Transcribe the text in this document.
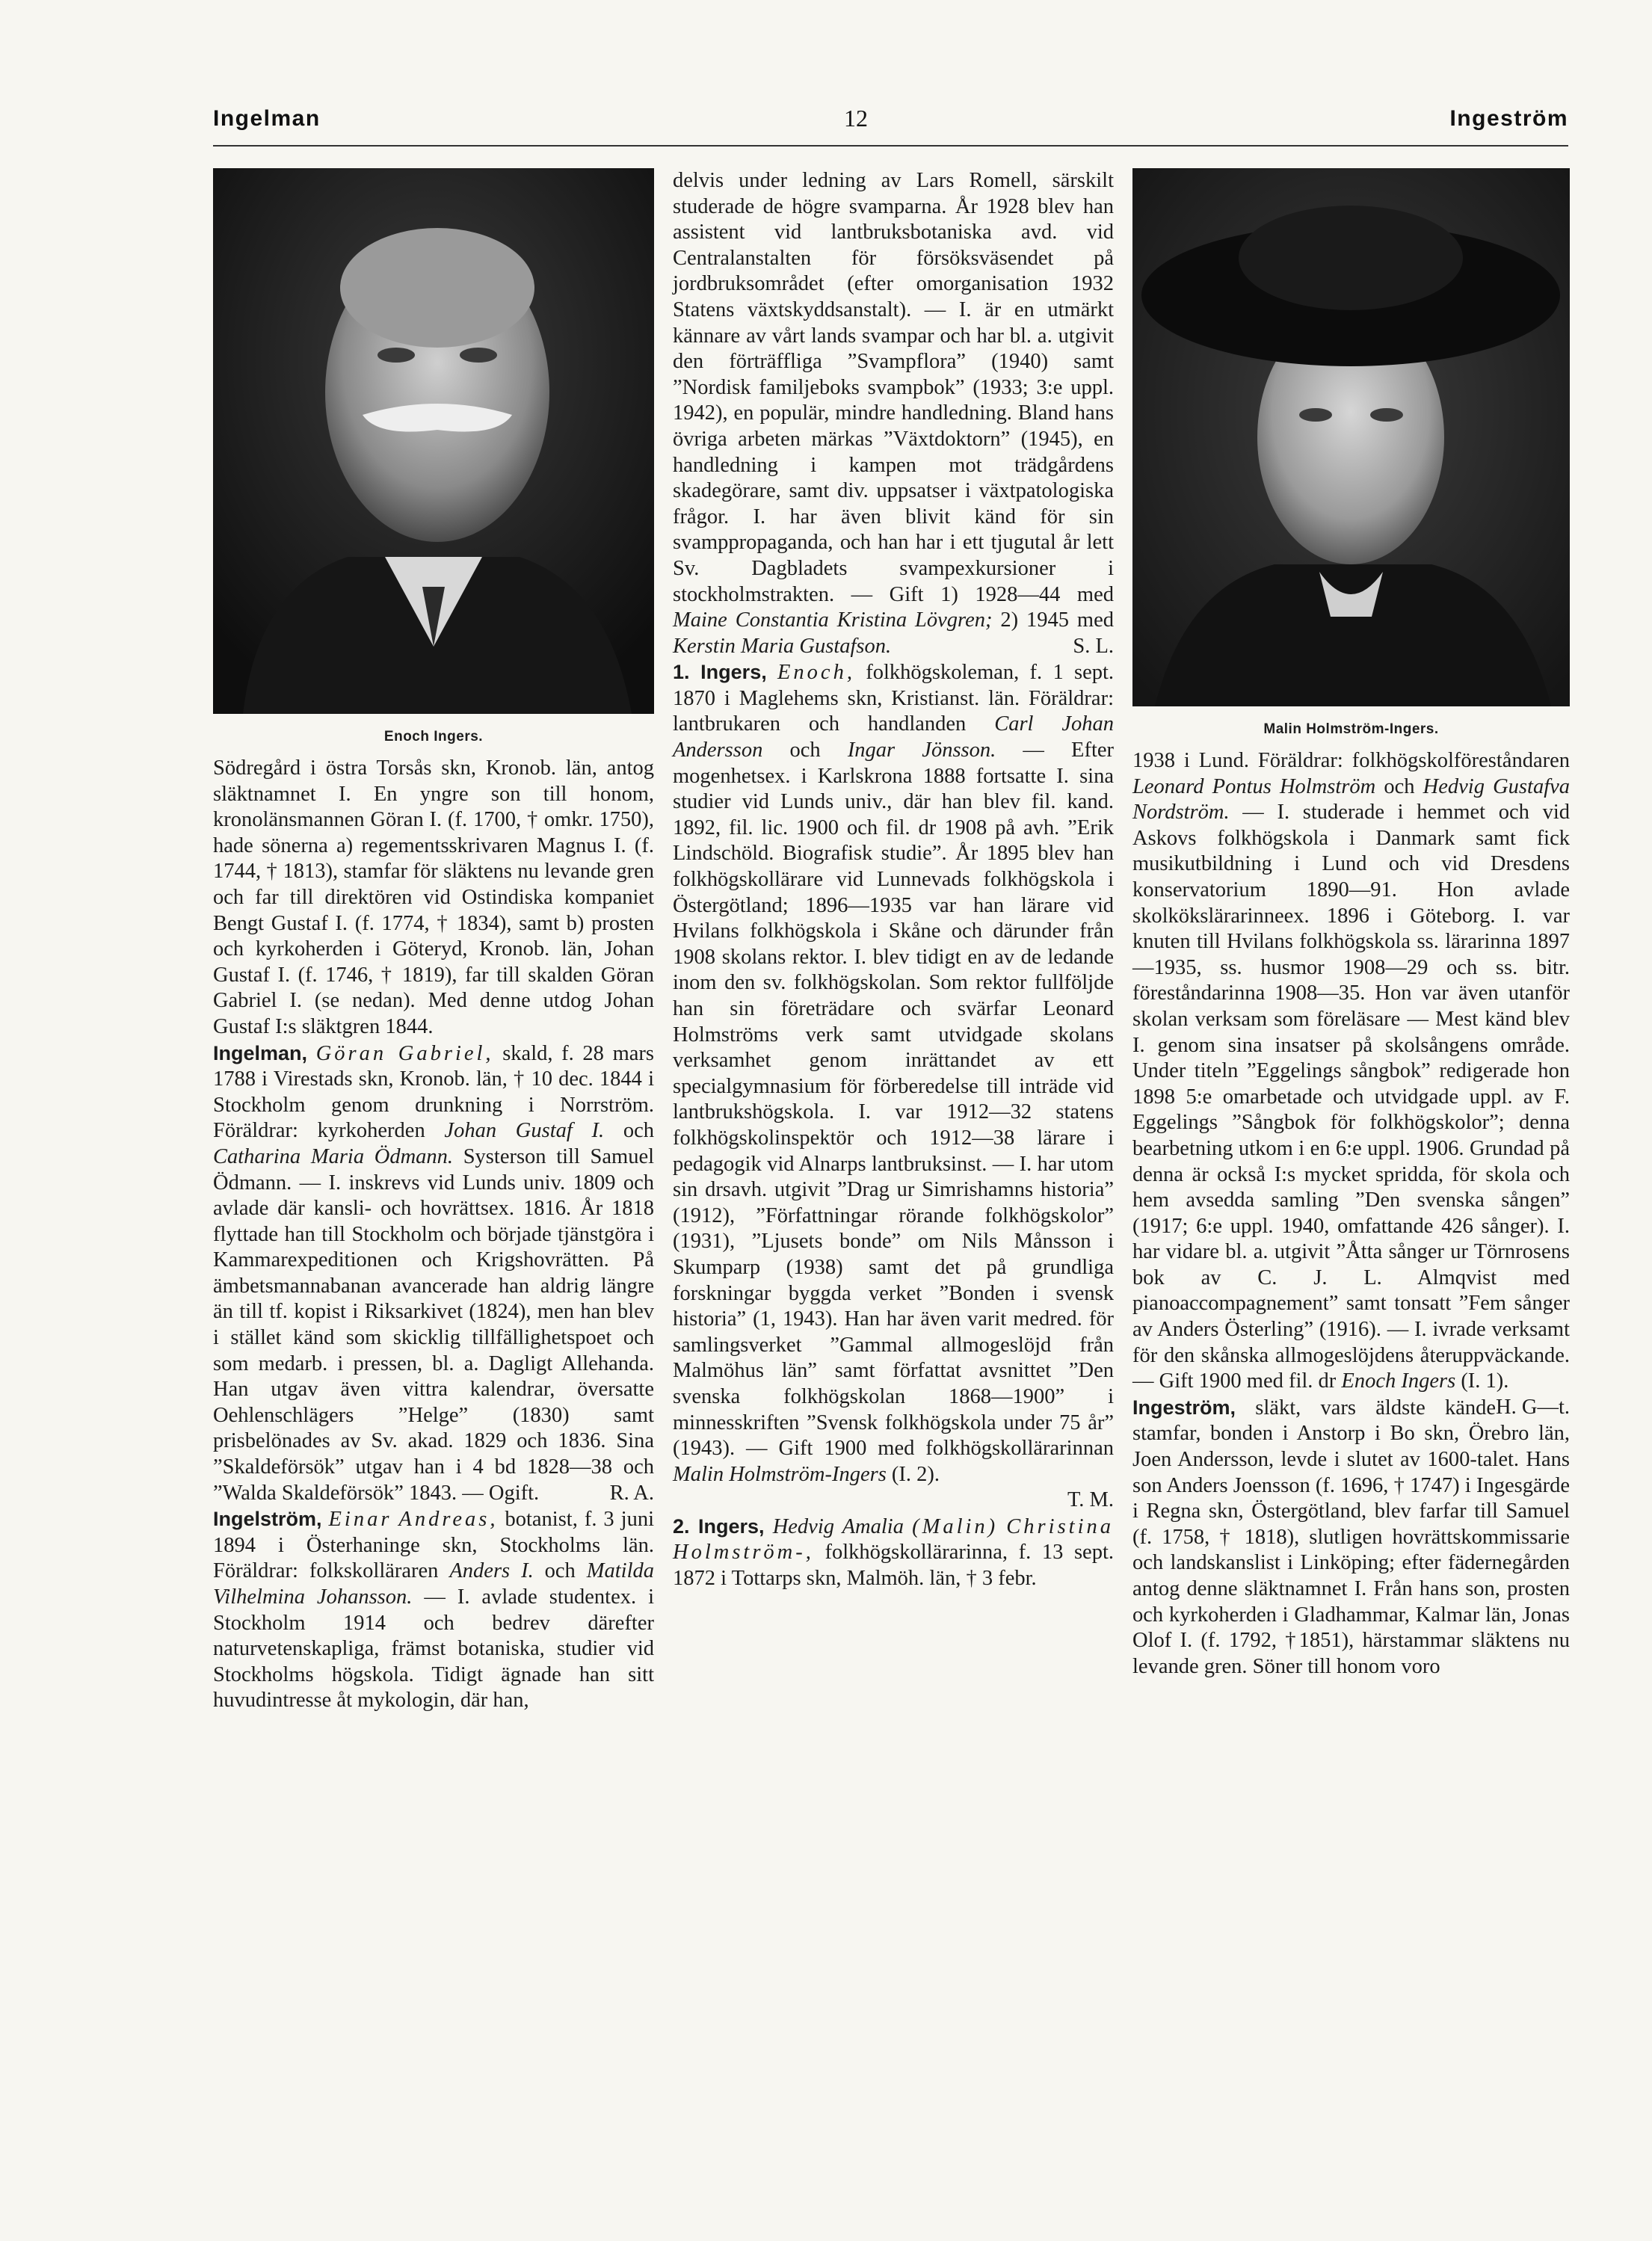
Ingelman	12	Ingeström
Enoch Ingers.

Södregård i östra Torsås skn, Kronob. län, antog släktnamnet I. En yngre son till honom, kronolänsmannen Göran I. (f. 1700, † omkr. 1750), hade sönerna a) regementsskrivaren Magnus I. (f. 1744, † 1813), stamfar för släktens nu levande gren och far till direktören vid Ostindiska kompaniet Bengt Gustaf I. (f. 1774, † 1834), samt b) prosten och kyrkoherden i Göteryd, Kronob. län, Johan Gustaf I. (f. 1746, † 1819), far till skalden Göran Gabriel I. (se nedan). Med denne utdog Johan Gustaf I:s släktgren 1844.

Ingelman, Göran Gabriel, skald, f. 28 mars 1788 i Virestads skn, Kronob. län, † 10 dec. 1844 i Stockholm genom drunkning i Norrström. Föräldrar: kyrkoherden Johan Gustaf I. och Catharina Maria Ödmann. Systerson till Samuel Ödmann. — I. inskrevs vid Lunds univ. 1809 och avlade där kansli- och hovrättsex. 1816. År 1818 flyttade han till Stockholm och började tjänstgöra i Kammarexpeditionen och Krigshovrätten. På ämbetsmannabanan avancerade han aldrig längre än till tf. kopist i Riksarkivet (1824), men han blev i stället känd som skicklig tillfällighetspoet och som medarb. i pressen, bl. a. Dagligt Allehanda. Han utgav även vittra kalendrar, översatte Oehlenschlägers ”Helge” (1830) samt prisbelönades av Sv. akad. 1829 och 1836. Sina ”Skaldeförsök” utgav han i 4 bd 1828—38 och ”Walda Skaldeförsök” 1843. — Ogift.	R. A.

Ingelström, Einar Andreas, botanist, f. 3 juni 1894 i Österhaninge skn, Stockholms län. Föräldrar: folkskolläraren Anders I. och Matilda Vilhelmina Johansson. — I. avlade studentex. i Stockholm 1914 och bedrev därefter naturvetenskapliga, främst botaniska, studier vid Stockholms högskola. Tidigt ägnade han sitt huvudintresse åt mykologin, där han,

delvis under ledning av Lars Romell, särskilt studerade de högre svamparna. År 1928 blev han assistent vid lantbruksbotaniska avd. vid Centralanstalten för försöksväsendet på jordbruksområdet (efter omorganisation 1932 Statens växtskyddsanstalt). — I. är en utmärkt kännare av vårt lands svampar och har bl. a. utgivit den förträffliga ”Svampflora” (1940) samt ”Nordisk familjeboks svampbok” (1933; 3:e uppl. 1942), en populär, mindre handledning. Bland hans övriga arbeten märkas ”Växtdoktorn” (1945), en handledning i kampen mot trädgårdens skadegörare, samt div. uppsatser i växtpatologiska frågor. I. har även blivit känd för sin svamppropaganda, och han har i ett tjugutal år lett Sv. Dagbladets svampexkursioner i stockholmstrakten. — Gift 1) 1928—44 med Maine Constantia Kristina Lövgren; 2) 1945 med Kerstin Maria Gustafson.	S. L.

1. Ingers, Enoch, folkhögskoleman, f. 1 sept. 1870 i Maglehems skn, Kristianst. län. Föräldrar: lantbrukaren och handlanden Carl Johan Andersson och Ingar Jönsson. — Efter mogenhetsex. i Karlskrona 1888 fortsatte I. sina studier vid Lunds univ., där han blev fil. kand. 1892, fil. lic. 1900 och fil. dr 1908 på avh. ”Erik Lindschöld. Biografisk studie”. År 1895 blev han folkhögskollärare vid Lunnevads folkhögskola i Östergötland; 1896—1935 var han lärare vid Hvilans folkhögskola i Skåne och därunder från 1908 skolans rektor. I. blev tidigt en av de ledande inom den sv. folkhögskolan. Som rektor fullföljde han sin företrädare och svärfar Leonard Holmströms verk samt utvidgade skolans verksamhet genom inrättandet av ett specialgymnasium för förberedelse till inträde vid lantbrukshögskola. I. var 1912—32 statens folkhögskolinspektör och 1912—38 lärare i pedagogik vid Alnarps lantbruksinst. — I. har utom sin drsavh. utgivit ”Drag ur Simrishamns historia” (1912), ”Författningar rörande folkhögskolor” (1931), ”Ljusets bonde” om Nils Månsson i Skumparp (1938) samt det på grundliga forskningar byggda verket ”Bonden i svensk historia” (1, 1943). Han har även varit medred. för samlingsverket ”Gammal allmogeslöjd från Malmöhus län” samt författat avsnittet ”Den svenska folkhögskolan 1868—1900” i minnesskriften ”Svensk folkhögskola under 75 år” (1943). — Gift 1900 med folkhögskollärarinnan Malin Holmström-Ingers (I. 2).

T. M.

2. Ingers, Hedvig Amalia (Malin) Christina Holmström-, folkhögskollärarinna, f. 13 sept. 1872 i Tottarps skn, Malmöh. län, † 3 febr.

Malin Holmström-Ingers.

1938 i Lund. Föräldrar: folkhögskolföreståndaren Leonard Pontus Holmström och Hedvig Gustafva Nordström. — I. studerade i hemmet och vid Askovs folkhögskola i Danmark samt fick musikutbildning i Lund och vid Dresdens konservatorium 1890—91. Hon avlade skolkökslärarinneex. 1896 i Göteborg. I. var knuten till Hvilans folkhögskola ss. lärarinna 1897—1935, ss. husmor 1908—29 och ss. bitr. föreståndarinna 1908—35. Hon var även utanför skolan verksam som föreläsare — Mest känd blev I. genom sina insatser på skolsångens område. Under titeln ”Eggelings sångbok” redigerade hon 1898 5:e omarbetade och utvidgade uppl. av F. Eggelings ”Sångbok för folkhögskolor”; denna bearbetning utkom i en 6:e uppl. 1906. Grundad på denna är också I:s mycket spridda, för skola och hem avsedda samling ”Den svenska sången” (1917; 6:e uppl. 1940, omfattande 426 sånger). I. har vidare bl. a. utgivit ”Åtta sånger ur Törnrosens bok av C. J. L. Almqvist med pianoaccompagnement” samt tonsatt ”Fem sånger av Anders Österling” (1916). — I. ivrade verksamt för den skånska allmogeslöjdens återuppväckande. — Gift 1900 med fil. dr Enoch Ingers (I. 1).
H. G—t.

Ingeström, släkt, vars äldste kände stamfar, bonden i Anstorp i Bo skn, Örebro län, Joen Andersson, levde i slutet av 1600-talet. Hans son Anders Joensson (f. 1696, † 1747) i Ingesgärde i Regna skn, Östergötland, blev farfar till Samuel (f. 1758, † 1818), slutligen hovrättskommissarie och landskanslist i Linköping; efter fädernegården antog denne släktnamnet I. Från hans son, prosten och kyrkoherden i Gladhammar, Kalmar län, Jonas Olof I. (f. 1792, †1851), härstammar släktens nu levande gren. Söner till honom voro
